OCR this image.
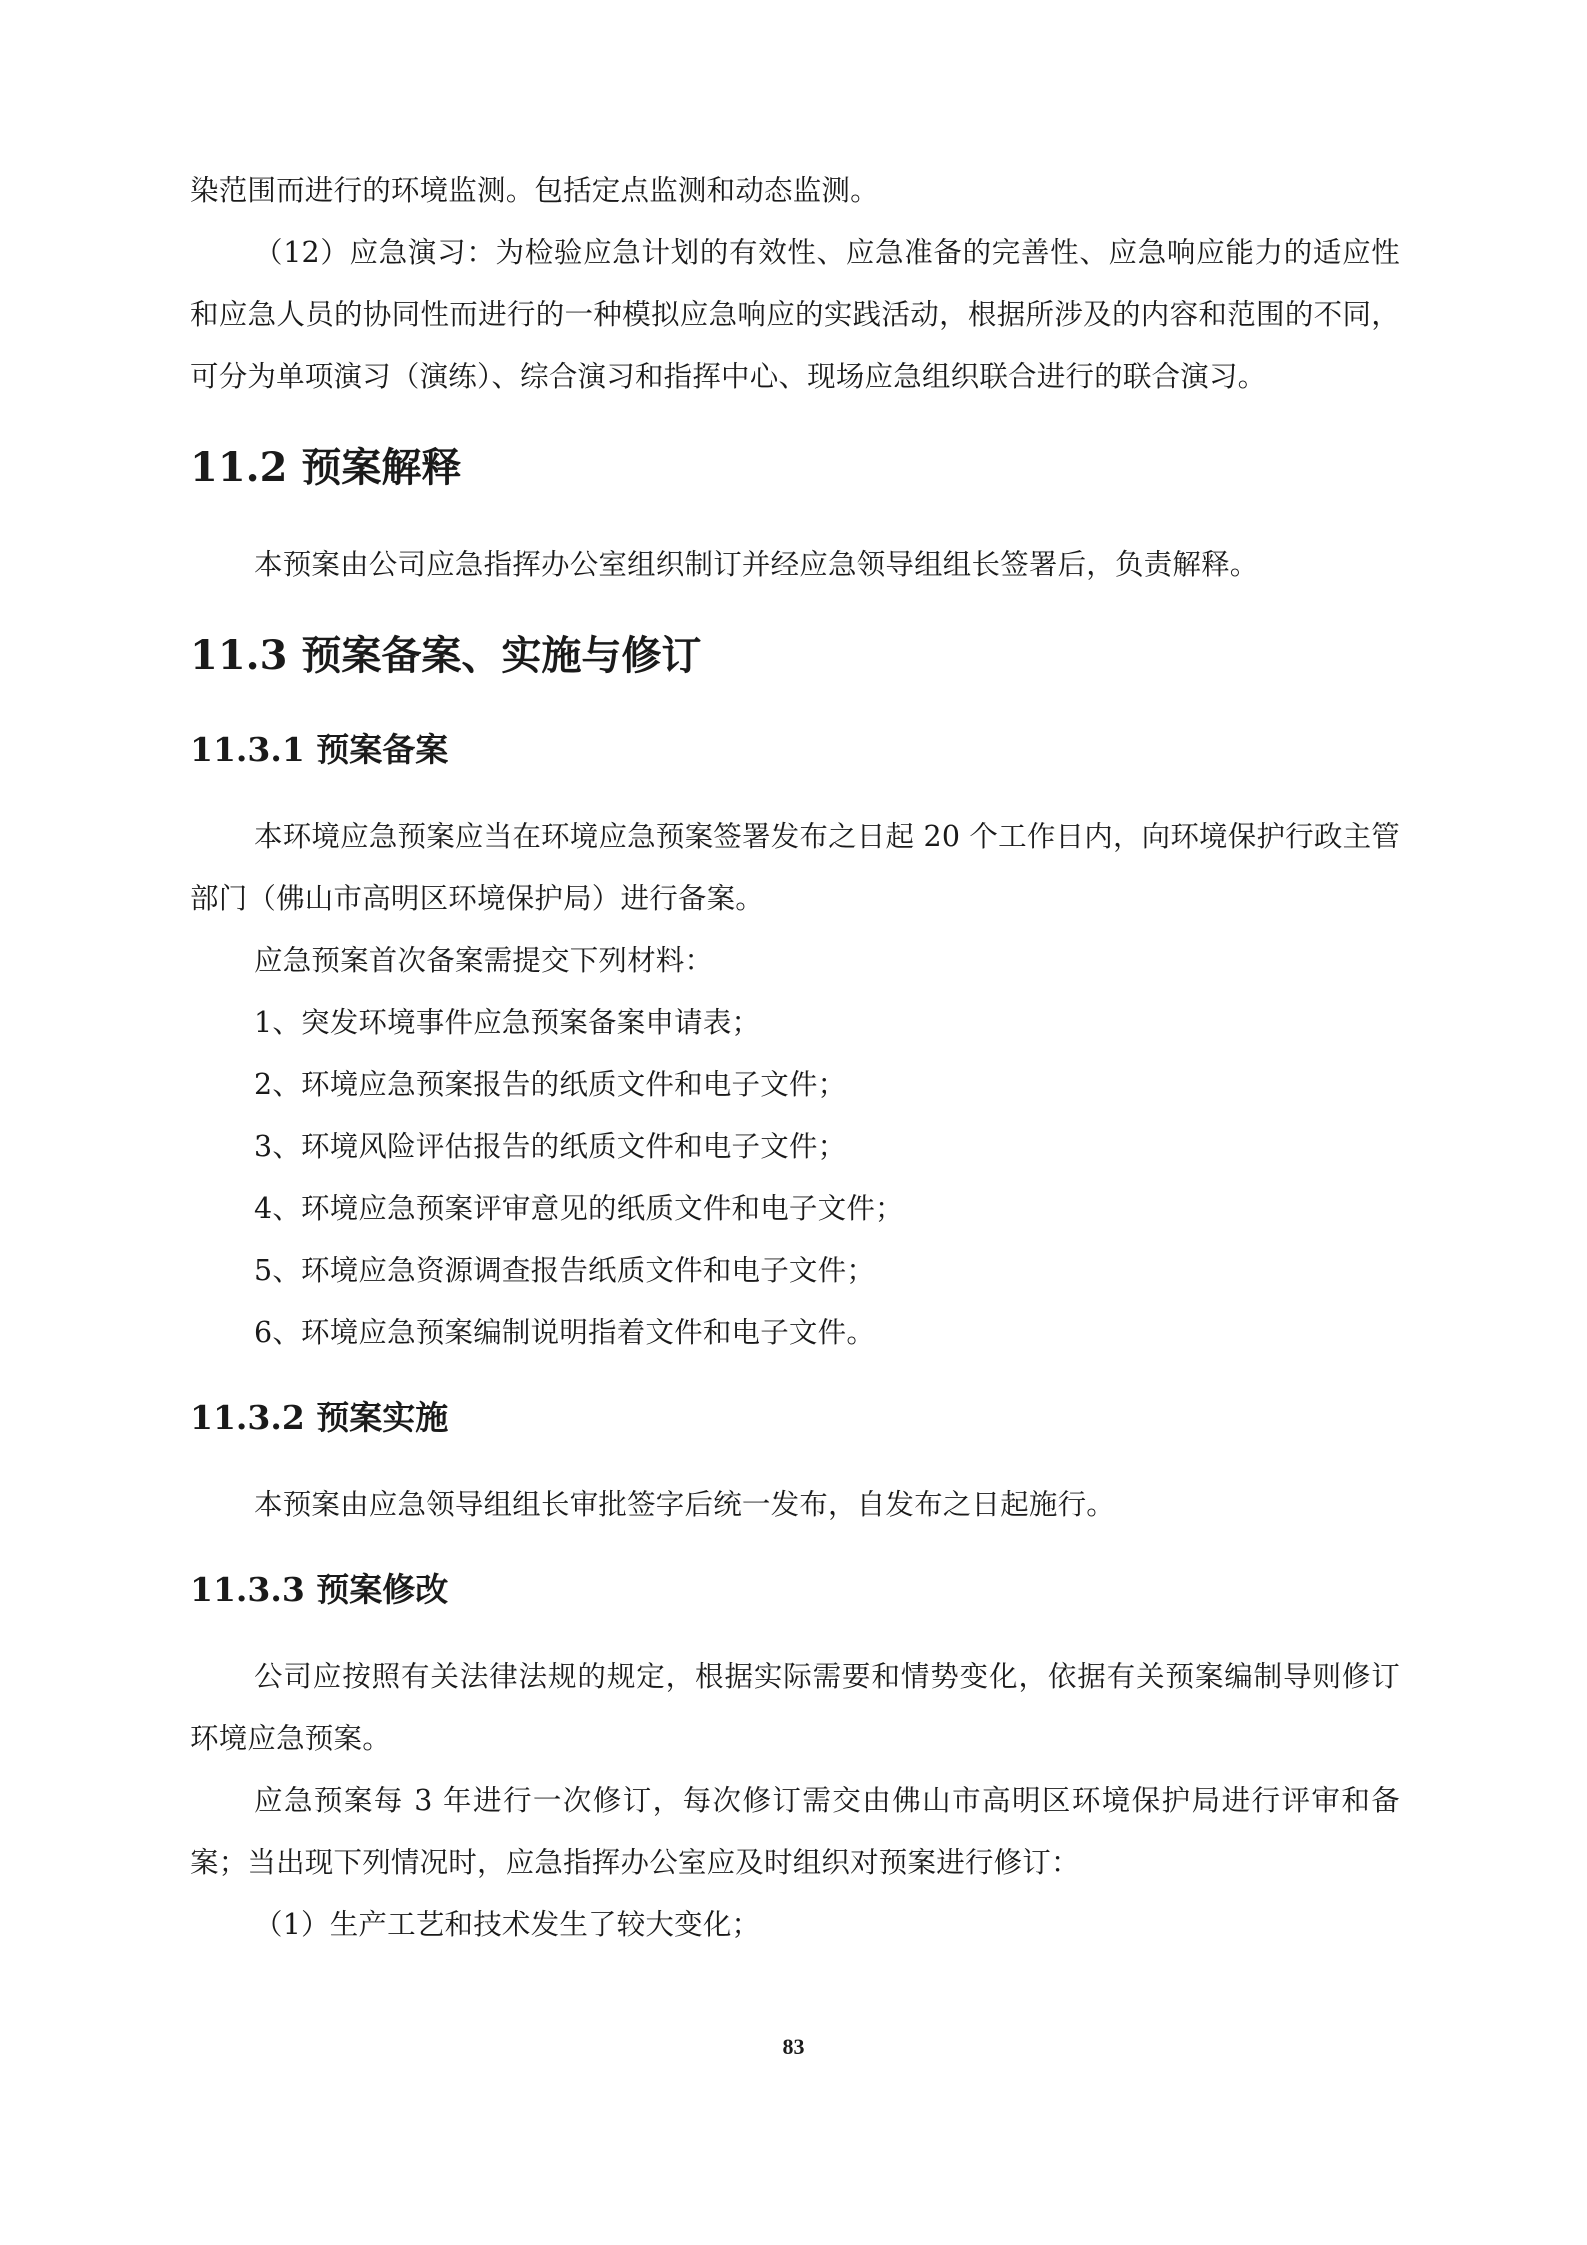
染范围而进行的环境监测。包括定点监测和动态监测。

（12）应急演习：为检验应急计划的有效性、应急准备的完善性、应急响应能力的适应性和应急人员的协同性而进行的一种模拟应急响应的实践活动，根据所涉及的内容和范围的不同，可分为单项演习（演练）、综合演习和指挥中心、现场应急组织联合进行的联合演习。

11.2 预案解释

本预案由公司应急指挥办公室组织制订并经应急领导组组长签署后，负责解释。

11.3 预案备案、实施与修订
11.3.1 预案备案

本环境应急预案应当在环境应急预案签署发布之日起 20 个工作日内，向环境保护行政主管部门（佛山市高明区环境保护局）进行备案。

应急预案首次备案需提交下列材料：

1、突发环境事件应急预案备案申请表；

2、环境应急预案报告的纸质文件和电子文件；

3、环境风险评估报告的纸质文件和电子文件；

4、环境应急预案评审意见的纸质文件和电子文件；

5、环境应急资源调查报告纸质文件和电子文件；

6、环境应急预案编制说明指着文件和电子文件。

11.3.2 预案实施

本预案由应急领导组组长审批签字后统一发布，自发布之日起施行。

11.3.3 预案修改

公司应按照有关法律法规的规定，根据实际需要和情势变化，依据有关预案编制导则修订环境应急预案。

应急预案每 3 年进行一次修订，每次修订需交由佛山市高明区环境保护局进行评审和备案；当出现下列情况时，应急指挥办公室应及时组织对预案进行修订：

（1）生产工艺和技术发生了较大变化；

83
